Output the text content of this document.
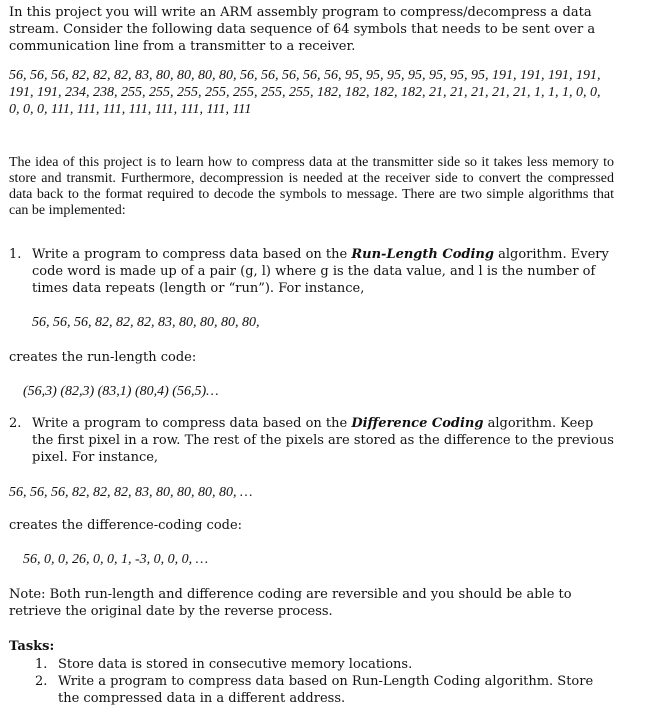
In this project you will write an ARM assembly program to compress/decompress a data stream. Consider the following data sequence of 64 symbols that needs to be sent over a communication line from a transmitter to a receiver.

56, 56, 56, 82, 82, 82, 83, 80, 80, 80, 80, 56, 56, 56, 56, 56, 95, 95, 95, 95, 95, 95, 95, 191, 191, 191, 191, 191, 191, 234, 238, 255, 255, 255, 255, 255, 255, 255, 182, 182, 182, 182, 21, 21, 21, 21, 21, 1, 1, 1, 0, 0, 0, 0, 0, 111, 111, 111, 111, 111, 111, 111, 111

The idea of this project is to learn how to compress data at the transmitter side so it takes less memory to store and transmit. Furthermore, decompression is needed at the receiver side to convert the compressed data back to the format required to decode the symbols to message. There are two simple algorithms that can be implemented:

1. Write a program to compress data based on the Run-Length Coding algorithm. Every code word is made up of a pair (g, l) where g is the data value, and l is the number of times data repeats (length or “run”). For instance,

56, 56, 56, 82, 82, 82, 83, 80, 80, 80, 80,

creates the run-length code:

(56,3) (82,3) (83,1) (80,4) (56,5)…

2. Write a program to compress data based on the Difference Coding algorithm. Keep the first pixel in a row. The rest of the pixels are stored as the difference to the previous pixel. For instance,

56, 56, 56, 82, 82, 82, 83, 80, 80, 80, 80, …

creates the difference-coding code:

56, 0, 0, 26, 0, 0, 1, -3, 0, 0, 0, …

Note: Both run-length and difference coding are reversible and you should be able to retrieve the original date by the reverse process.

Tasks:

1. Store data is stored in consecutive memory locations.
2. Write a program to compress data based on Run-Length Coding algorithm. Store the compressed data in a different address.
